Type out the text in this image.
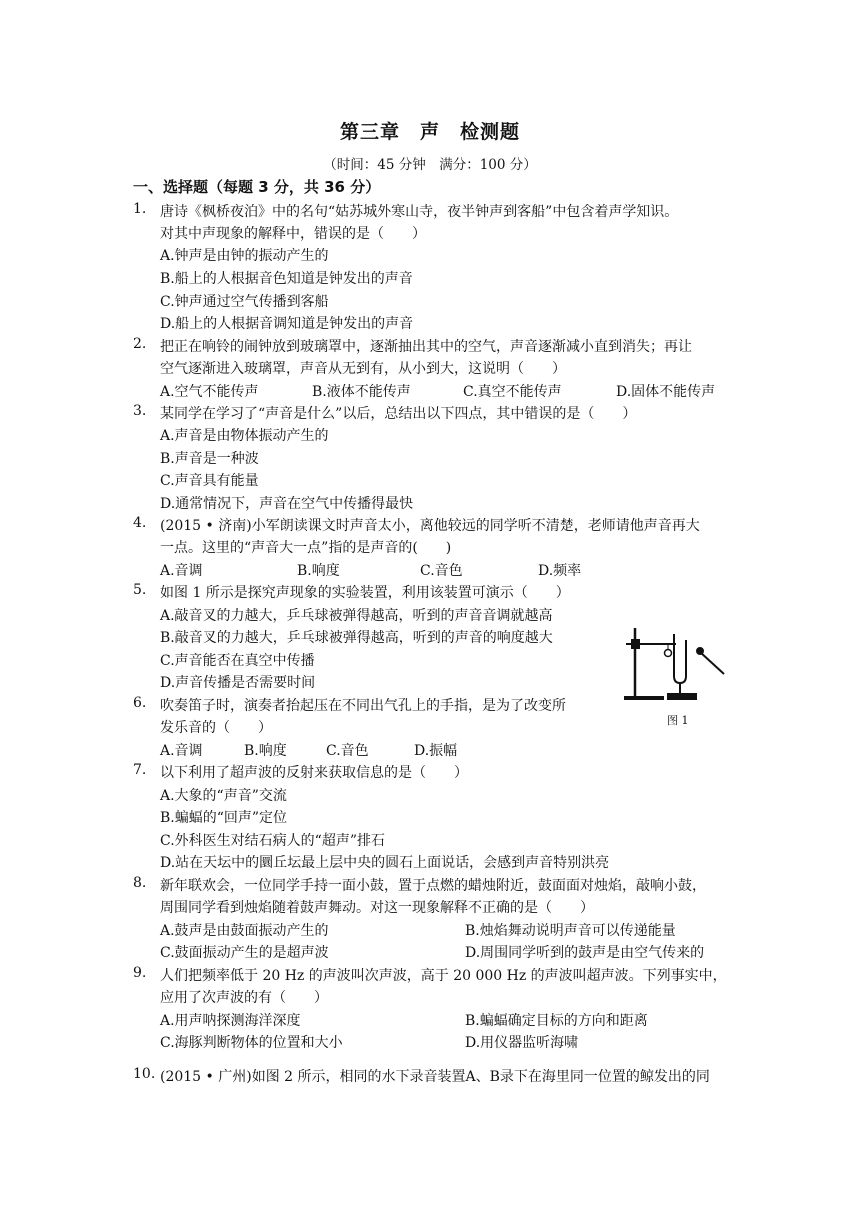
第三章　声　检测题
（时间：45 分钟　满分：100 分）
一、选择题（每题 3 分，共 36 分）
1. 唐诗《枫桥夜泊》中的名句“姑苏城外寒山寺，夜半钟声到客船”中包含着声学知识。
对其中声现象的解释中，错误的是（　　）
A.钟声是由钟的振动产生的
B.船上的人根据音色知道是钟发出的声音
C.钟声通过空气传播到客船
D.船上的人根据音调知道是钟发出的声音
2. 把正在响铃的闹钟放到玻璃罩中，逐渐抽出其中的空气，声音逐渐减小直到消失；再让
空气逐渐进入玻璃罩，声音从无到有，从小到大，这说明（　　）
A.空气不能传声	B.液体不能传声	C.真空不能传声	D.固体不能传声
3. 某同学在学习了“声音是什么”以后，总结出以下四点，其中错误的是（　　）
A.声音是由物体振动产生的
B.声音是一种波
C.声音具有能量
D.通常情况下，声音在空气中传播得最快
4. (2015 • 济南)小军朗读课文时声音太小，离他较远的同学听不清楚，老师请他声音再大
一点。这里的“声音大一点”指的是声音的(　　)
A.音调	B.响度	C.音色	D.频率
5. 如图 1 所示是探究声现象的实验装置，利用该装置可演示（　　）
A.敲音叉的力越大，乒乓球被弹得越高，听到的声音音调就越高
B.敲音叉的力越大，乒乓球被弹得越高，听到的声音的响度越大
C.声音能否在真空中传播
D.声音传播是否需要时间
图 1
6. 吹奏笛子时，演奏者抬起压在不同出气孔上的手指，是为了改变所
发乐音的（　　）
A.音调	B.响度	C.音色	D.振幅
7. 以下利用了超声波的反射来获取信息的是（　　）
A.大象的“声音”交流
B.蝙蝠的“回声”定位
C.外科医生对结石病人的“超声”排石
D.站在天坛中的圜丘坛最上层中央的圆石上面说话，会感到声音特别洪亮
8. 新年联欢会，一位同学手持一面小鼓，置于点燃的蜡烛附近，鼓面面对烛焰，敲响小鼓，
周围同学看到烛焰随着鼓声舞动。对这一现象解释不正确的是（　　）
A.鼓声是由鼓面振动产生的	B.烛焰舞动说明声音可以传递能量
C.鼓面振动产生的是超声波	D.周围同学听到的鼓声是由空气传来的
9. 人们把频率低于 20 Hz 的声波叫次声波，高于 20 000 Hz 的声波叫超声波。下列事实中，
应用了次声波的有（　　）
A.用声呐探测海洋深度	B.蝙蝠确定目标的方向和距离
C.海豚判断物体的位置和大小	D.用仪器监听海啸
10. (2015 • 广州)如图 2 所示，相同的水下录音装置A、B录下在海里同一位置的鲸发出的同
